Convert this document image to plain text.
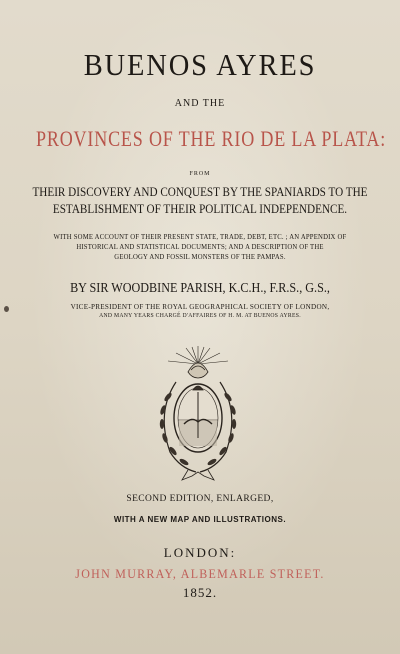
BUENOS AYRES
AND THE
PROVINCES OF THE RIO DE LA PLATA:
FROM
THEIR DISCOVERY AND CONQUEST BY THE SPANIARDS TO THE
ESTABLISHMENT OF THEIR POLITICAL INDEPENDENCE.
WITH SOME ACCOUNT OF THEIR PRESENT STATE, TRADE, DEBT, ETC. ; AN APPENDIX OF
HISTORICAL AND STATISTICAL DOCUMENTS; AND A DESCRIPTION OF THE
GEOLOGY AND FOSSIL MONSTERS OF THE PAMPAS.
BY SIR WOODBINE PARISH, K.C.H., F.R.S., G.S.,
VICE-PRESIDENT OF THE ROYAL GEOGRAPHICAL SOCIETY OF LONDON,
AND MANY YEARS CHARGÉ D'AFFAIRES OF H. M. AT BUENOS AYRES.
SECOND EDITION, ENLARGED,
WITH A NEW MAP AND ILLUSTRATIONS.
LONDON:
JOHN MURRAY, ALBEMARLE STREET.
1852.
